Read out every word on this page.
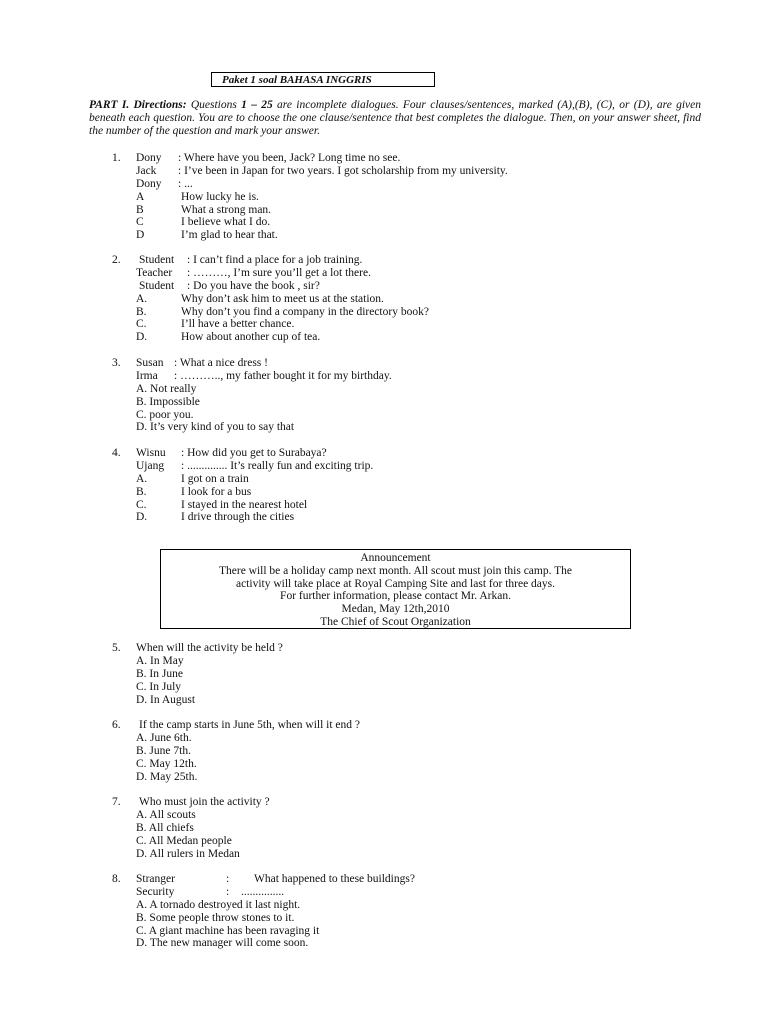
Paket 1 soal BAHASA INGGRIS
PART I. Directions: Questions 1 – 25 are incomplete dialogues. Four clauses/sentences, marked (A),(B), (C), or (D), are given beneath each question. You are to choose the one clause/sentence that best completes the dialogue. Then, on your answer sheet, find the number of the question and mark your answer.
1. Dony : Where have you been, Jack? Long time no see.
Jack : I’ve been in Japan for two years. I got scholarship from my university.
Dony : ...
A	How lucky he is.
B	What a strong man.
C	I believe what I do.
D	I’m glad to hear that.
2. Student : I can’t find a place for a job training.
Teacher : ………, I’m sure you’ll get a lot there.
Student : Do you have the book , sir?
A.	Why don’t ask him to meet us at the station.
B.	Why don’t you find a company in the directory book?
C.	I’ll have a better chance.
D.	How about another cup of tea.
3. Susan : What a nice dress !
Irma : ……….., my father bought it for my birthday.
A. Not really
B. Impossible
C. poor you.
D. It’s very kind of you to say that
4. Wisnu : How did you get to Surabaya?
Ujang : .............. It’s really fun and exciting trip.
A.	I got on a train
B.	I look for a bus
C.	I stayed in the nearest hotel
D.	I drive through the cities
Announcement
There will be a holiday camp next month. All scout must join this camp. The
activity will take place at Royal Camping Site and last for three days.
For further information, please contact Mr. Arkan.
Medan, May 12th,2010
The Chief of Scout Organization
5. When will the activity be held ?
A. In May
B. In June
C. In July
D. In August
6. If the camp starts in June 5th, when will it end ?
A. June 6th.
B. June 7th.
C. May 12th.
D. May 25th.
7. Who must join the activity ?
A. All scouts
B. All chiefs
C. All Medan people
D. All rulers in Medan
8. Stranger	: What happened to these buildings?
Security	: ...............
A. A tornado destroyed it last night.
B. Some people throw stones to it.
C. A giant machine has been ravaging it
D. The new manager will come soon.
